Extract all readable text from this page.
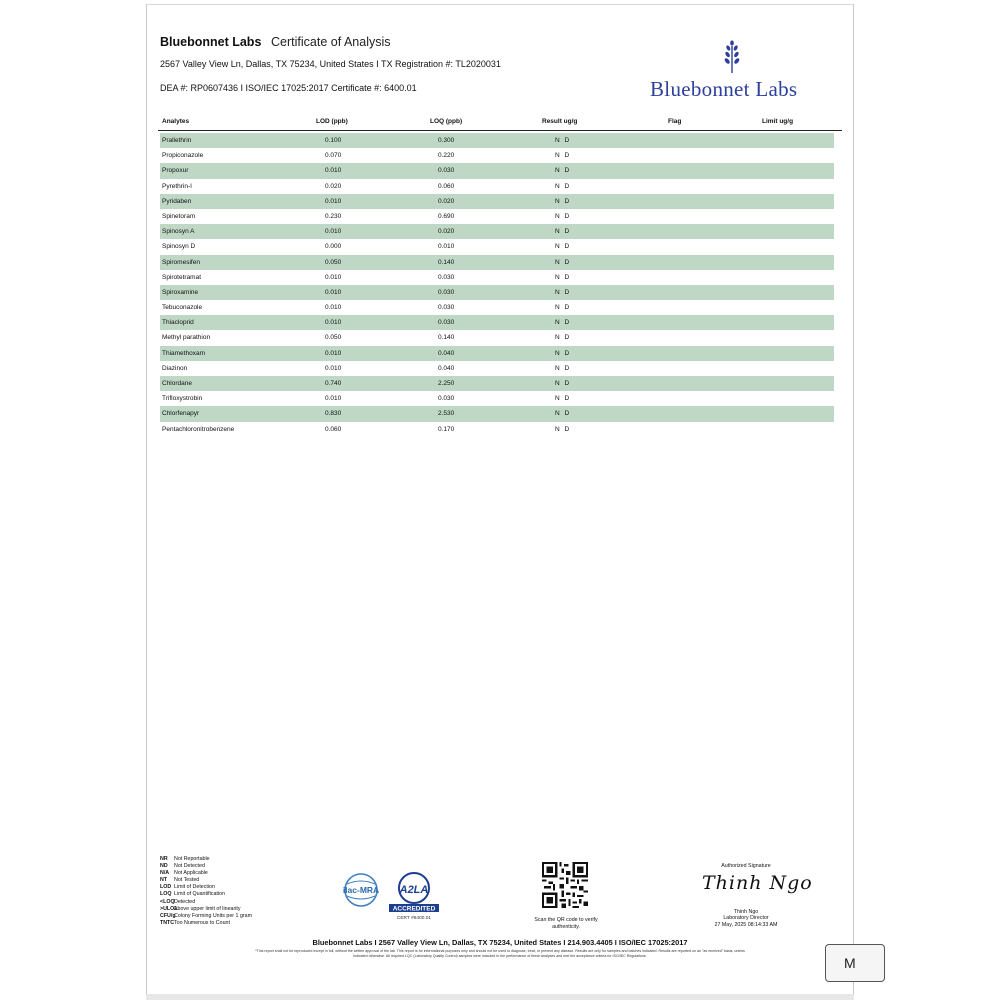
Bluebonnet Labs Certificate of Analysis
2567 Valley View Ln, Dallas, TX 75234, United States I TX Registration #: TL2020031
DEA #: RP0607436 I ISO/IEC 17025:2017 Certificate #: 6400.01	Bluebonnet Labs
Analytes	LOD (ppb)	LOQ (ppb)	Result ug/g	Flag	Limit ug/g
Prallethrin	0.100	0.300	N D
Propiconazole	0.070	0.220	N D
Propoxur	0.010	0.030	N D
Pyrethrin-I	0.020	0.060	N D
Pyridaben	0.010	0.020	N D
Spinetoram	0.230	0.690	N D
Spinosyn A	0.010	0.020	N D
Spinosyn D	0.000	0.010	N D
Spiromesifen	0.050	0.140	N D
Spirotetramat	0.010	0.030	N D
Spiroxamine	0.010	0.030	N D
Tebuconazole	0.010	0.030	N D
Thiacloprid	0.010	0.030	N D
Methyl parathion	0.050	0.140	N D
Thiamethoxam	0.010	0.040	N D
Diazinon	0.010	0.040	N D
Chlordane	0.740	2.250	N D
Trifloxystrobin	0.010	0.030	N D
Chlorfenapyr	0.830	2.530	N D
Pentachloronitrobenzene	0.060	0.170	N D
NR Not Reportable
ND Not Detected
N/A Not Applicable
NT Not Tested
LOD Limit of Detection
LOQ Limit of Quantification
<LOQDetected
>ULOLAbove upper limit of linearity
CFU/gColony Forming Units per 1 gram
TNTCToo Numerous to Count
ilac-MRA A2LA
ACCREDITED
CERT #6400.01	Scan the QR code to verify authenticity.
Authorized Signature
Thinh Ngo
Thinh Ngo
Laboratory Director
27 May, 2025 08:14:33 AM
Bluebonnet Labs I 2567 Valley View Ln, Dallas, TX 75234, United States I 214.903.4405 I ISO/IEC 17025:2017
*This report shall not be reproduced except in full, without the written approval of the lab. This report is for informational purposes only and should not be used to diagnose, treat, or prevent any disease. Results are only for samples and batches indicated. Results are reported on an "as received" basis, unless indicated otherwise. All required LQC (Laboratory Quality Control) samples were included in the performance of these analyses and met the acceptance criteria for ISO/IEC Regulations.	M
